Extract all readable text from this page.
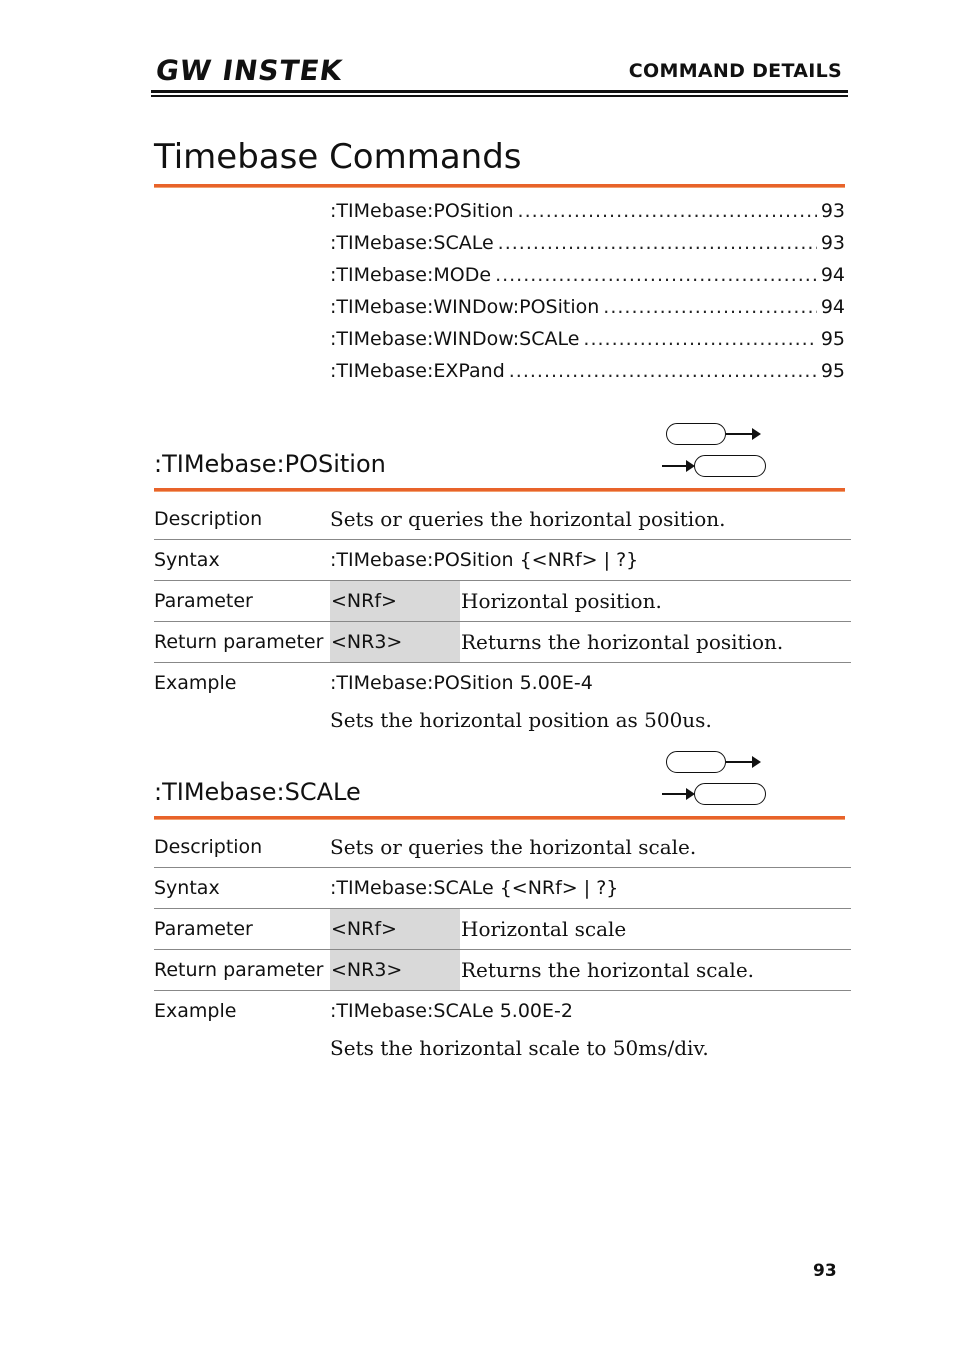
GW INSTEK	COMMAND DETAILS
Timebase Commands
:TIMebase:POSition .....	93
:TIMebase:SCALe .....	93
:TIMebase:MODe .....	94
:TIMebase:WINDow:POSition .....	94
:TIMebase:WINDow:SCALe .....	95
:TIMebase:EXPand .....	95
:TIMebase:POSition
Description	Sets or queries the horizontal position.
Syntax	:TIMebase:POSition {<NRf> | ?}
Parameter	<NRf>	Horizontal position.
Return parameter <NR3>	Returns the horizontal position.
Example	:TIMebase:POSition 5.00E-4
Sets the horizontal position as 500us.
:TIMebase:SCALe
Description	Sets or queries the horizontal scale.
Syntax	:TIMebase:SCALe {<NRf> | ?}
Parameter	<NRf>	Horizontal scale
Return parameter <NR3>	Returns the horizontal scale.
Example	:TIMebase:SCALe 5.00E-2
Sets the horizontal scale to 50ms/div.
93
